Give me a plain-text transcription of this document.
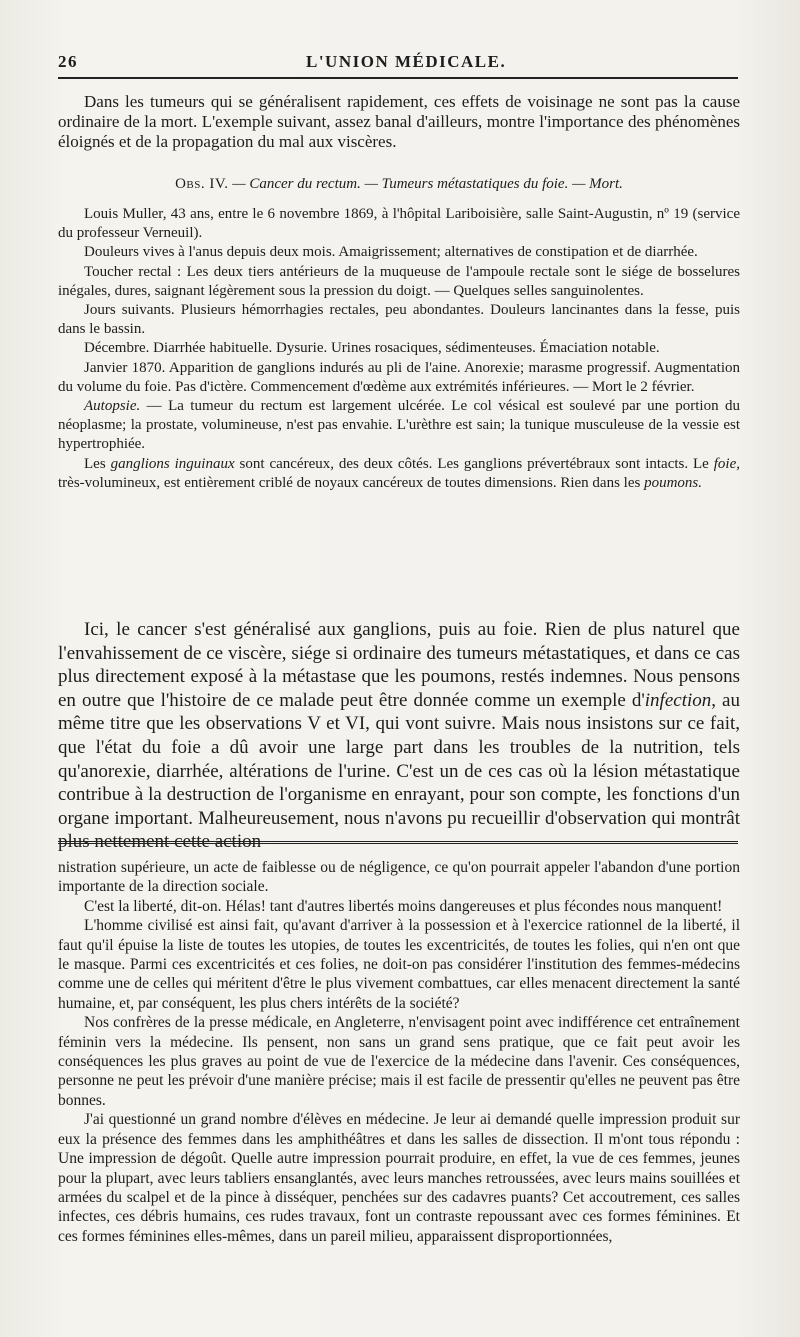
26	L'UNION MÉDICALE.

Dans les tumeurs qui se généralisent rapidement, ces effets de voisinage ne sont pas la cause ordinaire de la mort. L'exemple suivant, assez banal d'ailleurs, montre l'importance des phénomènes éloignés et de la propagation du mal aux viscères.

Obs. IV. — Cancer du rectum. — Tumeurs métastatiques du foie. — Mort.

Louis Muller, 43 ans, entre le 6 novembre 1869, à l'hôpital Lariboisière, salle Saint-Augustin, nº 19 (service du professeur Verneuil).

Douleurs vives à l'anus depuis deux mois. Amaigrissement; alternatives de constipation et de diarrhée.

Toucher rectal : Les deux tiers antérieurs de la muqueuse de l'ampoule rectale sont le siége de bosselures inégales, dures, saignant légèrement sous la pression du doigt. — Quelques selles sanguinolentes.

Jours suivants. Plusieurs hémorrhagies rectales, peu abondantes. Douleurs lancinantes dans la fesse, puis dans le bassin.

Décembre. Diarrhée habituelle. Dysurie. Urines rosaciques, sédimenteuses. Émaciation notable.

Janvier 1870. Apparition de ganglions indurés au pli de l'aine. Anorexie; marasme progressif. Augmentation du volume du foie. Pas d'ictère. Commencement d'œdème aux extrémités inférieures. — Mort le 2 février.

Autopsie. — La tumeur du rectum est largement ulcérée. Le col vésical est soulevé par une portion du néoplasme; la prostate, volumineuse, n'est pas envahie. L'urèthre est sain; la tunique musculeuse de la vessie est hypertrophiée.

Les ganglions inguinaux sont cancéreux, des deux côtés. Les ganglions prévertébraux sont intacts. Le foie, très-volumineux, est entièrement criblé de noyaux cancéreux de toutes dimensions. Rien dans les poumons.

Ici, le cancer s'est généralisé aux ganglions, puis au foie. Rien de plus naturel que l'envahissement de ce viscère, siége si ordinaire des tumeurs métastatiques, et dans ce cas plus directement exposé à la métastase que les poumons, restés indemnes. Nous pensons en outre que l'histoire de ce malade peut être donnée comme un exemple d'infection, au même titre que les observations V et VI, qui vont suivre. Mais nous insistons sur ce fait, que l'état du foie a dû avoir une large part dans les troubles de la nutrition, tels qu'anorexie, diarrhée, altérations de l'urine. C'est un de ces cas où la lésion métastatique contribue à la destruction de l'organisme en enrayant, pour son compte, les fonctions d'un organe important. Malheureusement, nous n'avons pu recueillir d'observation qui montrât plus nettement cette action

nistration supérieure, un acte de faiblesse ou de négligence, ce qu'on pourrait appeler l'abandon d'une portion importante de la direction sociale.

C'est la liberté, dit-on. Hélas! tant d'autres libertés moins dangereuses et plus fécondes nous manquent!

L'homme civilisé est ainsi fait, qu'avant d'arriver à la possession et à l'exercice rationnel de la liberté, il faut qu'il épuise la liste de toutes les utopies, de toutes les excentricités, de toutes les folies, qui n'en ont que le masque. Parmi ces excentricités et ces folies, ne doit-on pas considérer l'institution des femmes-médecins comme une de celles qui méritent d'être le plus vivement combattues, car elles menacent directement la santé humaine, et, par conséquent, les plus chers intérêts de la société?

Nos confrères de la presse médicale, en Angleterre, n'envisagent point avec indifférence cet entraînement féminin vers la médecine. Ils pensent, non sans un grand sens pratique, que ce fait peut avoir les conséquences les plus graves au point de vue de l'exercice de la médecine dans l'avenir. Ces conséquences, personne ne peut les prévoir d'une manière précise; mais il est facile de pressentir qu'elles ne peuvent pas être bonnes.

J'ai questionné un grand nombre d'élèves en médecine. Je leur ai demandé quelle impression produit sur eux la présence des femmes dans les amphithéâtres et dans les salles de dissection. Il m'ont tous répondu : Une impression de dégoût. Quelle autre impression pourrait produire, en effet, la vue de ces femmes, jeunes pour la plupart, avec leurs tabliers ensanglantés, avec leurs manches retroussées, avec leurs mains souillées et armées du scalpel et de la pince à disséquer, penchées sur des cadavres puants? Cet accoutrement, ces salles infectes, ces débris humains, ces rudes travaux, font un contraste repoussant avec ces formes féminines. Et ces formes féminines elles-mêmes, dans un pareil milieu, apparaissent disproportionnées,
